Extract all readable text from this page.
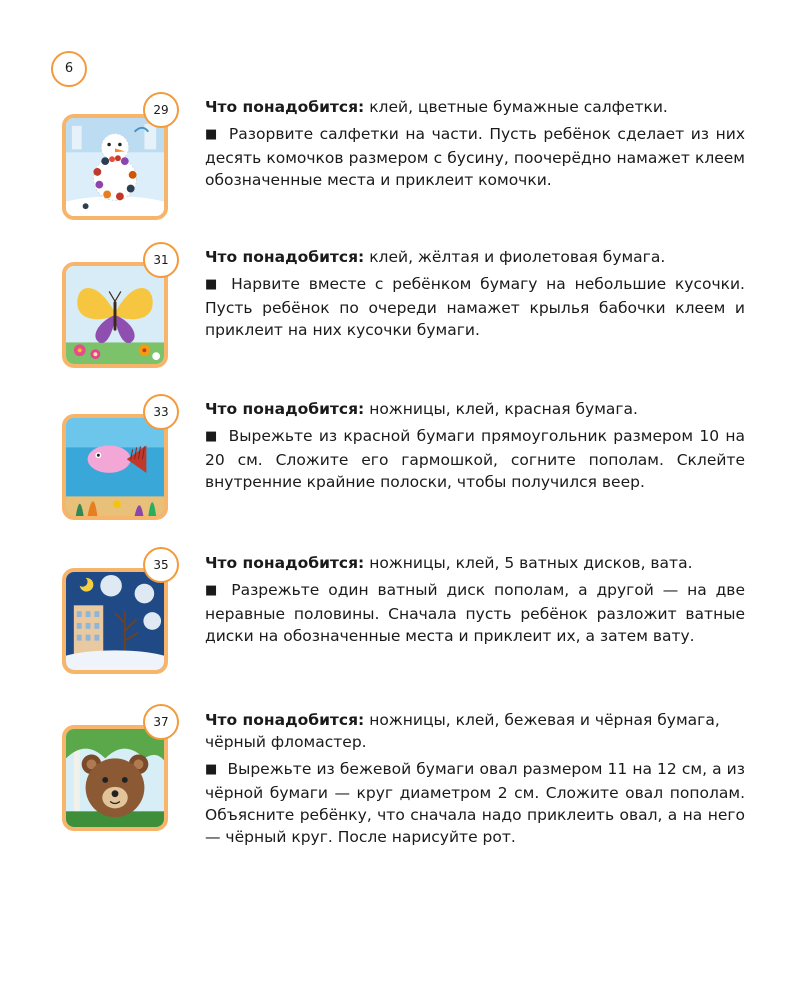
6
29	Что понадобится: клей, цветные бумажные салфетки.

■ Разорвите салфетки на части. Пусть ребёнок сделает из них десять комочков размером с бусину, поочерёдно намажет клеем обозначенные места и приклеит комочки.

31	Что понадобится: клей, жёлтая и фиолетовая бумага.

■ Нарвите вместе с ребёнком бумагу на небольшие кусочки. Пусть ребёнок по очереди намажет крылья бабочки клеем и приклеит на них кусочки бумаги.

33	Что понадобится: ножницы, клей, красная бумага.

■ Вырежьте из красной бумаги прямоугольник размером 10 на 20 см. Сложите его гармошкой, согните пополам. Склейте внутренние крайние полоски, чтобы получился веер.

35	Что понадобится: ножницы, клей, 5 ватных дисков, вата.

■ Разрежьте один ватный диск пополам, а другой — на две неравные половины. Сначала пусть ребёнок разложит ватные диски на обозначенные места и приклеит их, а затем вату.

37	Что понадобится: ножницы, клей, бежевая и чёрная бумага, чёрный фломастер.

■ Вырежьте из бежевой бумаги овал размером 11 на 12 см, а из чёрной бумаги — круг диаметром 2 см. Сложите овал пополам. Объясните ребёнку, что сначала надо приклеить овал, а на него — чёрный круг. После нарисуйте рот.
